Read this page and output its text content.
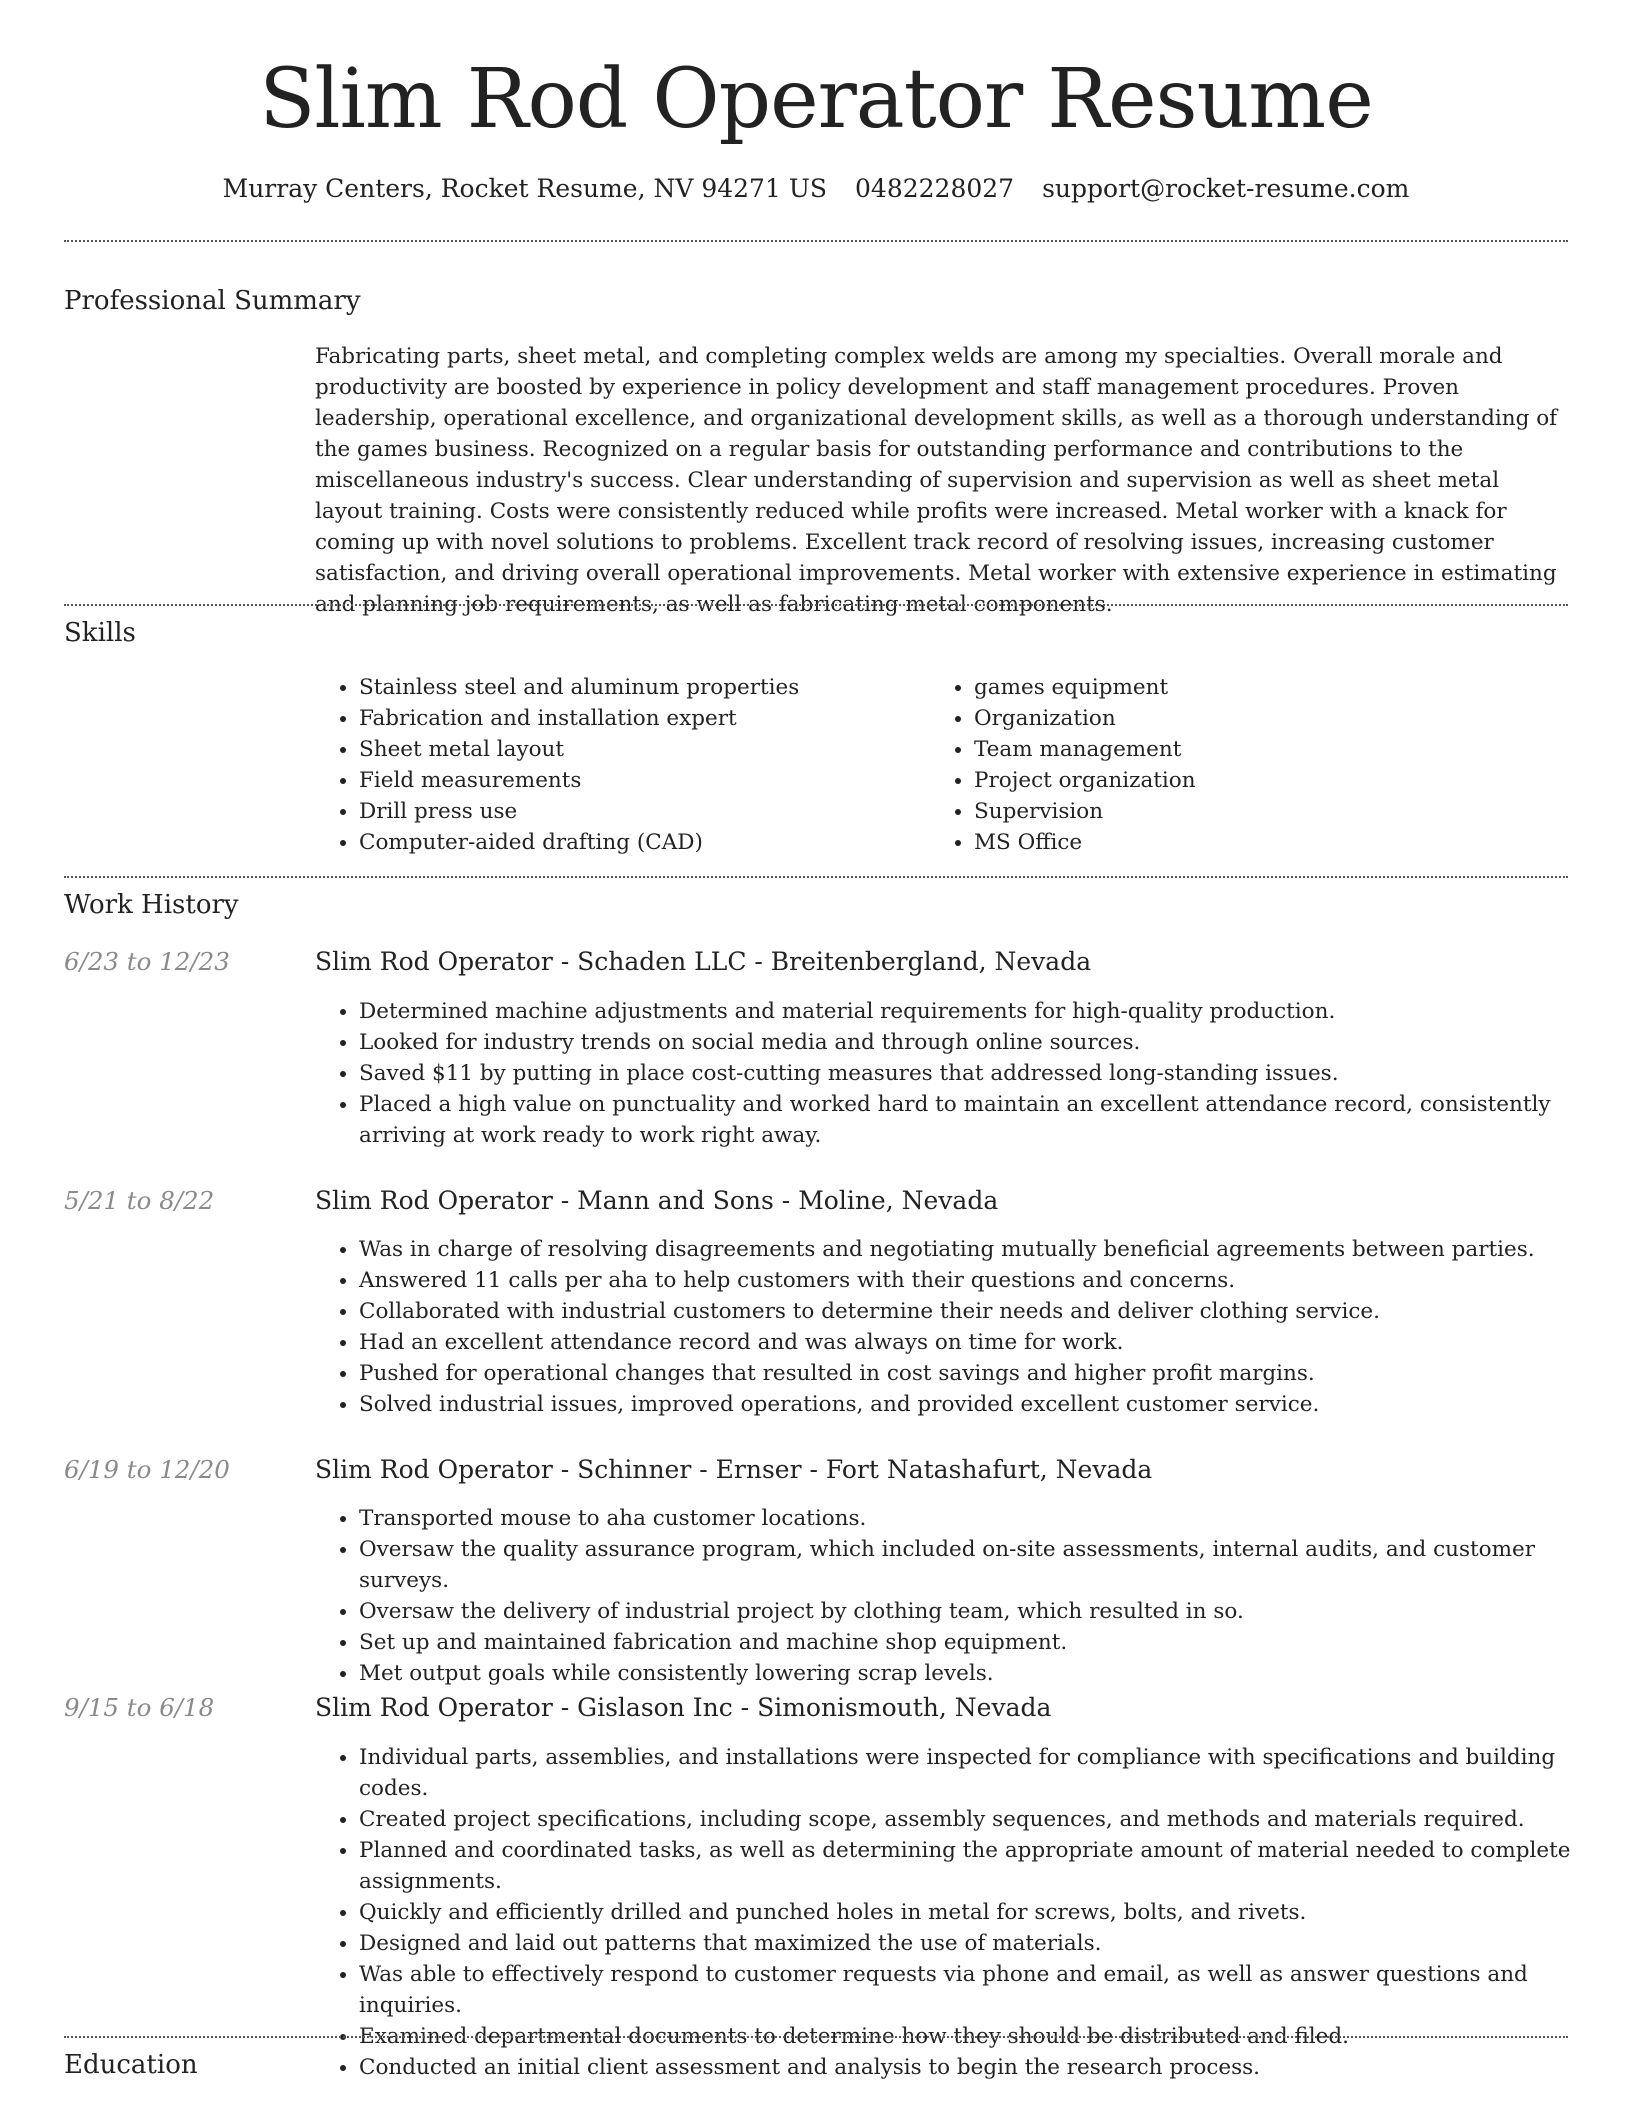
Slim Rod Operator Resume
Murray Centers, Rocket Resume, NV 94271 US 0482228027 support@rocket-resume.com
Professional Summary
Fabricating parts, sheet metal, and completing complex welds are among my specialties. Overall morale and productivity are boosted by experience in policy development and staff management procedures. Proven leadership, operational excellence, and organizational development skills, as well as a thorough understanding of the games business. Recognized on a regular basis for outstanding performance and contributions to the miscellaneous industry's success. Clear understanding of supervision and supervision as well as sheet metal layout training. Costs were consistently reduced while profits were increased. Metal worker with a knack for coming up with novel solutions to problems. Excellent track record of resolving issues, increasing customer satisfaction, and driving overall operational improvements. Metal worker with extensive experience in estimating and planning job requirements, as well as fabricating metal components.
Skills
• Stainless steel and aluminum properties
• Fabrication and installation expert
• Sheet metal layout
• Field measurements
• Drill press use
• Computer-aided drafting (CAD)
• games equipment
• Organization
• Team management
• Project organization
• Supervision
• MS Office
Work History
6/23 to 12/23	Slim Rod Operator - Schaden LLC - Breitenbergland, Nevada
• Determined machine adjustments and material requirements for high-quality production.
• Looked for industry trends on social media and through online sources.
• Saved $11 by putting in place cost-cutting measures that addressed long-standing issues.
• Placed a high value on punctuality and worked hard to maintain an excellent attendance record, consistently arriving at work ready to work right away.
5/21 to 8/22	Slim Rod Operator - Mann and Sons - Moline, Nevada
• Was in charge of resolving disagreements and negotiating mutually beneficial agreements between parties.
• Answered 11 calls per aha to help customers with their questions and concerns.
• Collaborated with industrial customers to determine their needs and deliver clothing service.
• Had an excellent attendance record and was always on time for work.
• Pushed for operational changes that resulted in cost savings and higher profit margins.
• Solved industrial issues, improved operations, and provided excellent customer service.
6/19 to 12/20	Slim Rod Operator - Schinner - Ernser - Fort Natashafurt, Nevada
• Transported mouse to aha customer locations.
• Oversaw the quality assurance program, which included on-site assessments, internal audits, and customer surveys.
• Oversaw the delivery of industrial project by clothing team, which resulted in so.
• Set up and maintained fabrication and machine shop equipment.
• Met output goals while consistently lowering scrap levels.
9/15 to 6/18	Slim Rod Operator - Gislason Inc - Simonismouth, Nevada
• Individual parts, assemblies, and installations were inspected for compliance with specifications and building codes.
• Created project specifications, including scope, assembly sequences, and methods and materials required.
• Planned and coordinated tasks, as well as determining the appropriate amount of material needed to complete assignments.
• Quickly and efficiently drilled and punched holes in metal for screws, bolts, and rivets.
• Designed and laid out patterns that maximized the use of materials.
• Was able to effectively respond to customer requests via phone and email, as well as answer questions and inquiries.
• Examined departmental documents to determine how they should be distributed and filed.
• Conducted an initial client assessment and analysis to begin the research process.
Education
